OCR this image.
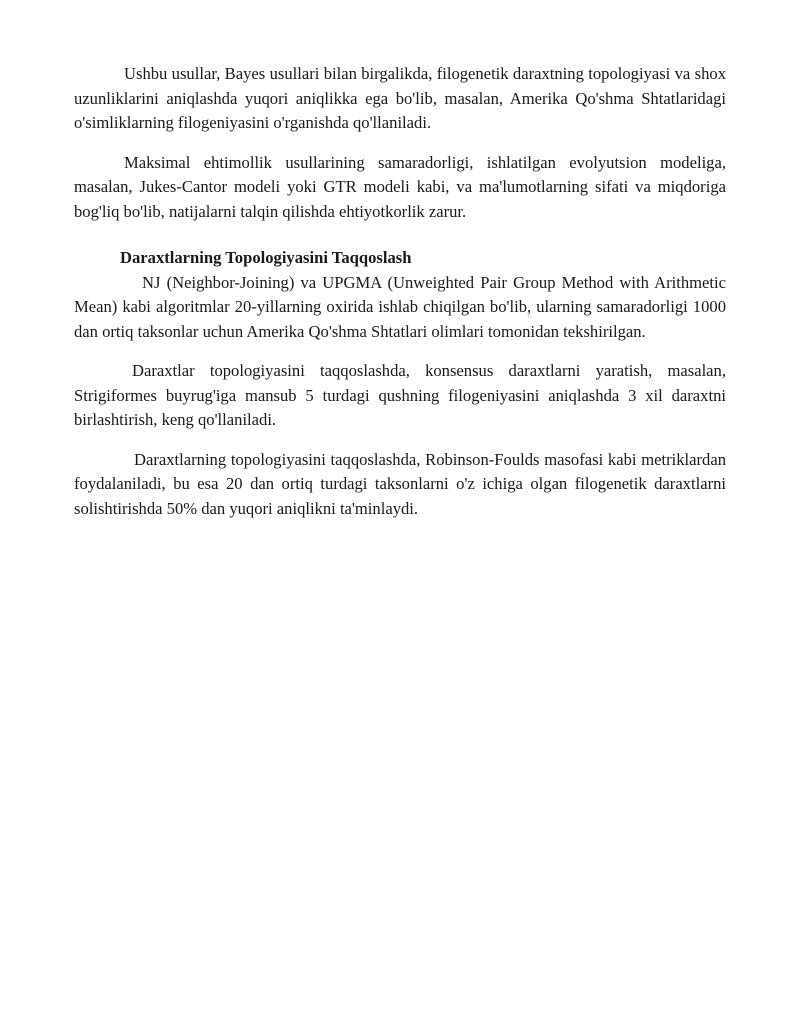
Ushbu usullar, Bayes usullari bilan birgalikda, filogenetik daraxtning topologiyasi va shox uzunliklarini aniqlashda yuqori aniqlikka ega bo'lib, masalan, Amerika Qo'shma Shtatlaridagi o'simliklarning filogeniyasini o'rganishda qo'llaniladi.

Maksimal ehtimollik usullarining samaradorligi, ishlatilgan evolyutsion modeliga, masalan, Jukes-Cantor modeli yoki GTR modeli kabi, va ma'lumotlarning sifati va miqdoriga bog'liq bo'lib, natijalarni talqin qilishda ehtiyotkorlik zarur.

Daraxtlarning Topologiyasini Taqqoslash

NJ (Neighbor-Joining) va UPGMA (Unweighted Pair Group Method with Arithmetic Mean) kabi algoritmlar 20-yillarning oxirida ishlab chiqilgan bo'lib, ularning samaradorligi 1000 dan ortiq taksonlar uchun Amerika Qo'shma Shtatlari olimlari tomonidan tekshirilgan.

Daraxtlar topologiyasini taqqoslashda, konsensus daraxtlarni yaratish, masalan, Strigiformes buyrug'iga mansub 5 turdagi qushning filogeniyasini aniqlashda 3 xil daraxtni birlashtirish, keng qo'llaniladi.

Daraxtlarning topologiyasini taqqoslashda, Robinson-Foulds masofasi kabi metriklardan foydalaniladi, bu esa 20 dan ortiq turdagi taksonlarni o'z ichiga olgan filogenetik daraxtlarni solishtirishda 50% dan yuqori aniqlikni ta'minlaydi.
